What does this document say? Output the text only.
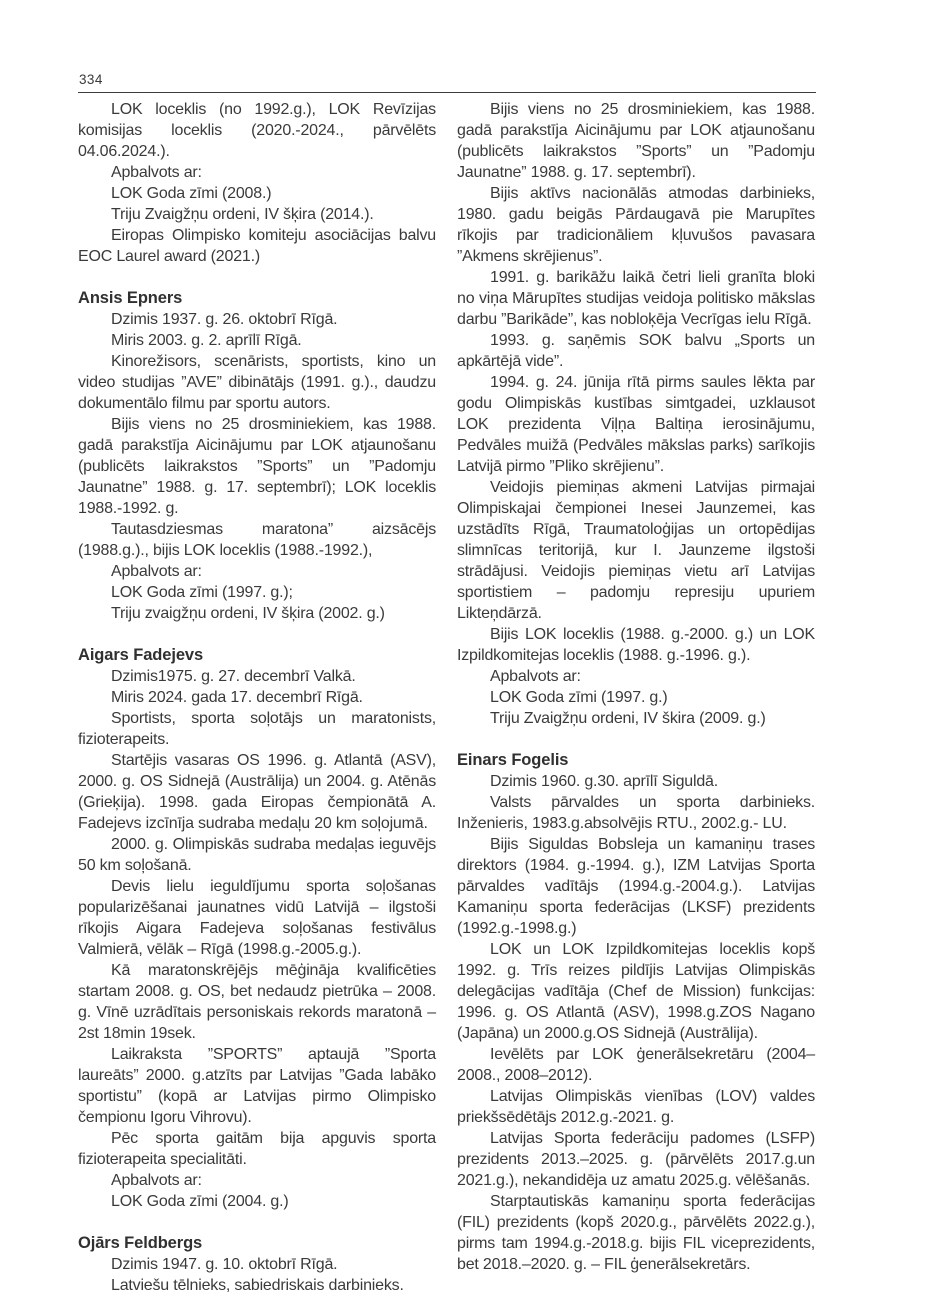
334

LOK loceklis (no 1992.g.), LOK Revīzijas komisijas loceklis (2020.-2024., pārvēlēts 04.06.2024.).

Apbalvots ar:

LOK Goda zīmi (2008.)

Triju Zvaigžņu ordeni, IV šķira (2014.).

Eiropas Olimpisko komiteju asociācijas balvu EOC Laurel award (2021.)

Ansis Epners

Dzimis 1937. g. 26. oktobrī Rīgā.

Miris 2003. g. 2. aprīlī Rīgā.

Kinorežisors, scenārists, sportists, kino un video studijas ”AVE” dibinātājs (1991. g.)., daudzu dokumentālo filmu par sportu autors.

Bijis viens no 25 drosminiekiem, kas 1988. gadā parakstīja Aicinājumu par LOK atjaunošanu (publicēts laikrakstos ”Sports” un ”Padomju Jaunatne” 1988. g. 17. septembrī); LOK loceklis 1988.-1992. g.

Tautasdziesmas maratona” aizsācējs (1988.g.)., bijis LOK loceklis (1988.-1992.),

Apbalvots ar:

LOK Goda zīmi (1997. g.);

Triju zvaigžņu ordeni, IV šķira (2002. g.)

Aigars Fadejevs

Dzimis1975. g. 27. decembrī Valkā.

Miris 2024. gada 17. decembrī Rīgā.

Sportists, sporta soļotājs un maratonists, fizioterapeits.

Startējis vasaras OS 1996. g. Atlantā (ASV), 2000. g. OS Sidnejā (Austrālija) un 2004. g. Atēnās (Grieķija). 1998. gada Eiropas čempionātā A. Fadejevs izcīnīja sudraba medaļu 20 km soļojumā.

2000. g. Olimpiskās sudraba medaļas ieguvējs 50 km soļošanā.

Devis lielu ieguldījumu sporta soļošanas popularizēšanai jaunatnes vidū Latvijā – ilgstoši rīkojis Aigara Fadejeva soļošanas festivālus Valmierā, vēlāk – Rīgā (1998.g.-2005.g.).

Kā maratonskrējējs mēģināja kvalificēties startam 2008. g. OS, bet nedaudz pietrūka – 2008. g. Vīnē uzrādītais personiskais rekords maratonā – 2st 18min 19sek.

Laikraksta ”SPORTS” aptaujā ”Sporta laureāts” 2000. g.atzīts par Latvijas ”Gada labāko sportistu” (kopā ar Latvijas pirmo Olimpisko čempionu Igoru Vihrovu).

Pēc sporta gaitām bija apguvis sporta fizioterapeita specialitāti.

Apbalvots ar:

LOK Goda zīmi (2004. g.)

Ojārs Feldbergs

Dzimis 1947. g. 10. oktobrī Rīgā.

Latviešu tēlnieks, sabiedriskais darbinieks.

Bijis viens no 25 drosminiekiem, kas 1988. gadā parakstīja Aicinājumu par LOK atjaunošanu (publicēts laikrakstos ”Sports” un ”Padomju Jaunatne” 1988. g. 17. septembrī).

Bijis aktīvs nacionālās atmodas darbinieks, 1980. gadu beigās Pārdaugavā pie Marupītes rīkojis par tradicionāliem kļuvušos pavasara ”Akmens skrējienus”.

1991. g. barikāžu laikā četri lieli granīta bloki no viņa Mārupītes studijas veidoja politisko mākslas darbu ”Barikāde”, kas nobloķēja Vecrīgas ielu Rīgā.

1993. g. saņēmis SOK balvu „Sports un apkārtējā vide”.

1994. g. 24. jūnija rītā pirms saules lēkta par godu Olimpiskās kustības simtgadei, uzklausot LOK prezidenta Viļņa Baltiņa ierosinājumu, Pedvāles muižā (Pedvāles mākslas parks) sarīkojis Latvijā pirmo ”Pliko skrējienu”.

Veidojis piemiņas akmeni Latvijas pirmajai Olimpiskajai čempionei Inesei Jaunzemei, kas uzstādīts Rīgā, Traumatoloģijas un ortopēdijas slimnīcas teritorijā, kur I. Jaunzeme ilgstoši strādājusi. Veidojis piemiņas vietu arī Latvijas sportistiem – padomju represiju upuriem Likteņdārzā.

Bijis LOK loceklis (1988. g.-2000. g.) un LOK Izpildkomitejas loceklis (1988. g.-1996. g.).

Apbalvots ar:

LOK Goda zīmi (1997. g.)

Triju Zvaigžņu ordeni, IV škira (2009. g.)

Einars Fogelis

Dzimis 1960. g.30. aprīlī Siguldā.

Valsts pārvaldes un sporta darbinieks. Inženieris, 1983.g.absolvējis RTU., 2002.g.- LU.

Bijis Siguldas Bobsleja un kamaniņu trases direktors (1984. g.-1994. g.), IZM Latvijas Sporta pārvaldes vadītājs (1994.g.-2004.g.). Latvijas Kamaniņu sporta federācijas (LKSF) prezidents (1992.g.-1998.g.)

LOK un LOK Izpildkomitejas loceklis kopš 1992. g. Trīs reizes pildījis Latvijas Olimpiskās delegācijas vadītāja (Chef de Mission) funkcijas: 1996. g. OS Atlantā (ASV), 1998.g.ZOS Nagano (Japāna) un 2000.g.OS Sidnejā (Austrālija).

Ievēlēts par LOK ģenerālsekretāru (2004–2008., 2008–2012).

Latvijas Olimpiskās vienības (LOV) valdes priekšsēdētājs 2012.g.-2021. g.

Latvijas Sporta federāciju padomes (LSFP) prezidents 2013.–2025. g. (pārvēlēts 2017.g.un 2021.g.), nekandidēja uz amatu 2025.g. vēlēšanās.

Starptautiskās kamaniņu sporta federācijas (FIL) prezidents (kopš 2020.g., pārvēlēts 2022.g.), pirms tam 1994.g.-2018.g. bijis FIL viceprezidents, bet 2018.–2020. g. – FIL ģenerālsekretārs.
